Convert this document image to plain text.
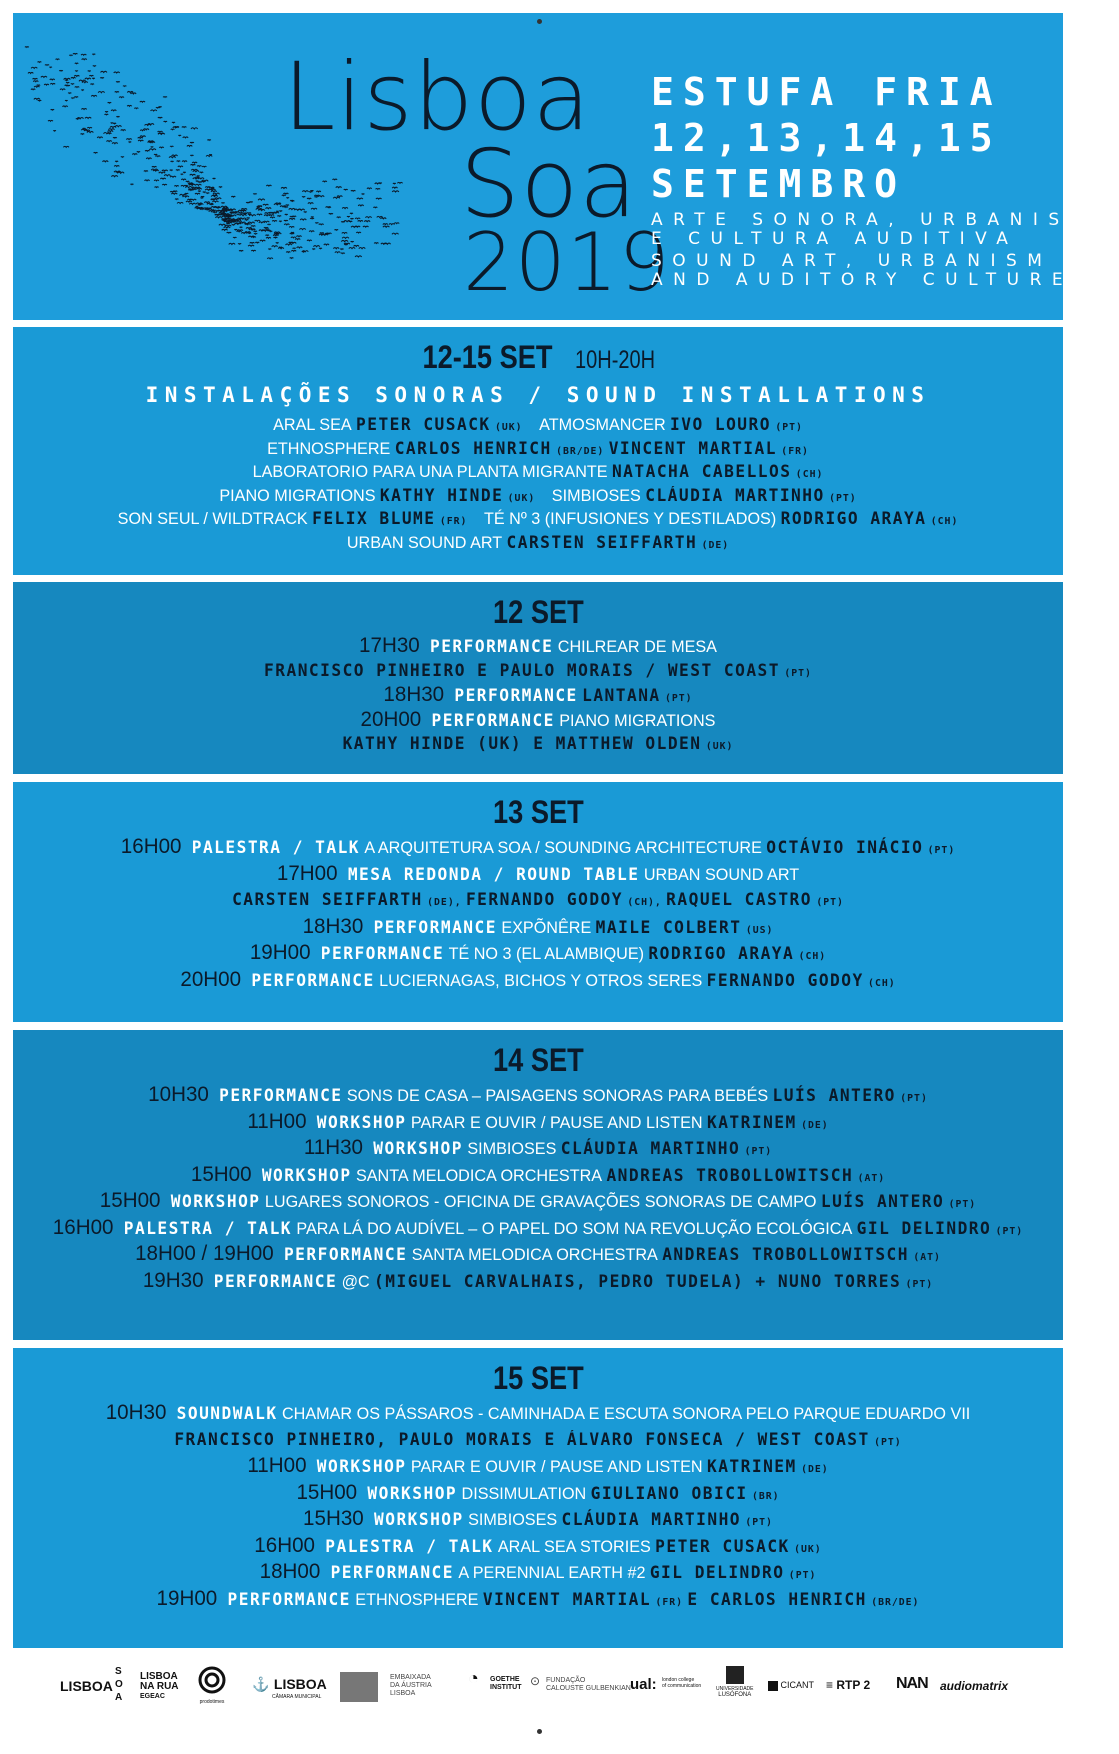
Lisboa
Soa
2019
ESTUFA FRIA
12,13,14,15
SETEMBRO
ARTE SONORA, URBANISMO
E CULTURA AUDITIVA
SOUND ART, URBANISM
AND AUDITORY CULTURE
12-15 SET 10H-20H
INSTALAÇÕES SONORAS / SOUND INSTALLATIONS
ARAL SEA PETER CUSACK (UK) ATMOSMANCER IVO LOURO (PT)
ETHNOSPHERE CARLOS HENRICH (BR/DE) VINCENT MARTIAL (FR)
LABORATORIO PARA UNA PLANTA MIGRANTE NATACHA CABELLOS (CH)
PIANO MIGRATIONS KATHY HINDE (UK) SIMBIOSES CLÁUDIA MARTINHO (PT)
SON SEUL / WILDTRACK FELIX BLUME (FR) TÉ Nº 3 (INFUSIONES Y DESTILADOS) RODRIGO ARAYA (CH)
URBAN SOUND ART CARSTEN SEIFFARTH (DE)
12 SET
17H30 PERFORMANCE CHILREAR DE MESA
FRANCISCO PINHEIRO E PAULO MORAIS / WEST COAST (PT)
18H30 PERFORMANCE LANTANA (PT)
20H00 PERFORMANCE PIANO MIGRATIONS
KATHY HINDE (UK) E MATTHEW OLDEN (UK)
13 SET
16H00 PALESTRA / TALK A ARQUITETURA SOA / SOUNDING ARCHITECTURE OCTÁVIO INÁCIO (PT)
17H00 MESA REDONDA / ROUND TABLE URBAN SOUND ART
CARSTEN SEIFFARTH (DE), FERNANDO GODOY (CH), RAQUEL CASTRO (PT)
18H30 PERFORMANCE EXPÕNÊRE MAILE COLBERT (US)
19H00 PERFORMANCE TÉ NO 3 (EL ALAMBIQUE) RODRIGO ARAYA (CH)
20H00 PERFORMANCE LUCIERNAGAS, BICHOS Y OTROS SERES FERNANDO GODOY (CH)
14 SET
10H30 PERFORMANCE SONS DE CASA – PAISAGENS SONORAS PARA BEBÉS LUÍS ANTERO (PT)
11H00 WORKSHOP PARAR E OUVIR / PAUSE AND LISTEN KATRINEM (DE)
11H30 WORKSHOP SIMBIOSES CLÁUDIA MARTINHO (PT)
15H00 WORKSHOP SANTA MELODICA ORCHESTRA ANDREAS TROBOLLOWITSCH (AT)
15H00 WORKSHOP LUGARES SONOROS - OFICINA DE GRAVAÇÕES SONORAS DE CAMPO LUÍS ANTERO (PT)
16H00 PALESTRA / TALK PARA LÁ DO AUDÍVEL – O PAPEL DO SOM NA REVOLUÇÃO ECOLÓGICA GIL DELINDRO (PT)
18H00 / 19H00 PERFORMANCE SANTA MELODICA ORCHESTRA ANDREAS TROBOLLOWITSCH (AT)
19H30 PERFORMANCE @C (MIGUEL CARVALHAIS, PEDRO TUDELA) + NUNO TORRES (PT)
15 SET
10H30 SOUNDWALK CHAMAR OS PÁSSAROS - CAMINHADA E ESCUTA SONORA PELO PARQUE EDUARDO VII
FRANCISCO PINHEIRO, PAULO MORAIS E ÁLVARO FONSECA / WEST COAST (PT)
11H00 WORKSHOP PARAR E OUVIR / PAUSE AND LISTEN KATRINEM (DE)
15H00 WORKSHOP DISSIMULATION GIULIANO OBICI (BR)
15H30 WORKSHOP SIMBIOSES CLÁUDIA MARTINHO (PT)
16H00 PALESTRA / TALK ARAL SEA STORIES PETER CUSACK (UK)
18H00 PERFORMANCE A PERENNIAL EARTH #2 GIL DELINDRO (PT)
19H00 PERFORMANCE ETHNOSPHERE VINCENT MARTIAL (FR) E CARLOS HENRICH (BR/DE)
LISBOA
S
O
A
LISBOA
NA RUA
EGEAC
prodotimes
⚓ LISBOA
CÂMARA MUNICIPAL
EMBAIXADA
DA ÁUSTRIA
LISBOA
◔ GOETHE
INSTITUT ⊙ FUNDAÇÃO
CALOUSTE GULBENKIAN ual: london college
of communication	UNIVERSIDADE
LUSÓFONA
CICANT ≡ RTP 2 NAN audiomatrix
